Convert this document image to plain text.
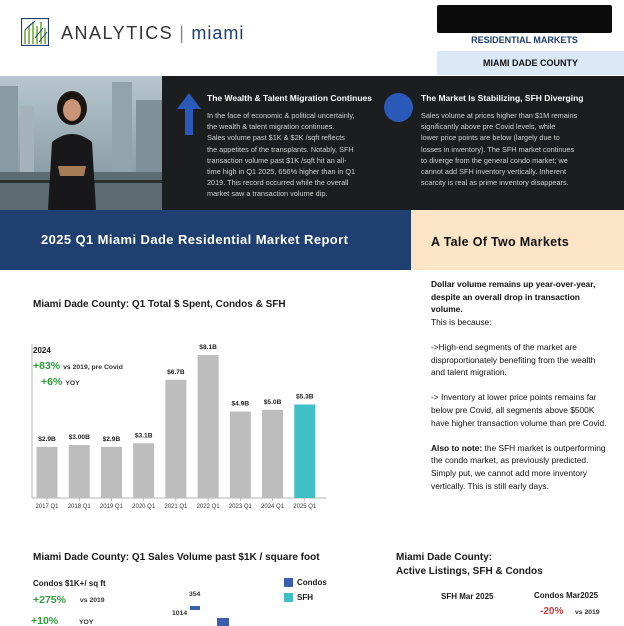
ANALYTICS | miami	RESIDENTIAL MARKETS
MIAMI DADE COUNTY
The Wealth & Talent Migration Continues
In the face of economic & political uncertainly,
the wealth & talent migration continues.
Sales volume past $1K & $2K /sqft reflects
the appetites of the transplants. Notably, SFH
transaction volume past $1K /sqft hit an all-
time high in Q1 2025, 656% higher than in Q1
2019. This record occurred while the overall
market saw a transaction volume dip.
The Market Is Stabilizing, SFH Diverging
Sales volume at prices higher than $1M remains
significantly above pre Covid levels, while
lower price points are below (largely due to
losses in inventory). The SFH market continues
to diverge from the general condo market; we
cannot add SFH inventory vertically. Inherent
scarcity is real as prime inventory disappears.
2025 Q1 Miami Dade Residential Market Report	A Tale Of Two Markets

Dollar volume remains up year-over-year, despite an overall drop in transaction volume.
This is because:

->High-end segments of the market are disproportionately benefiting from the wealth and talent migration.

-> Inventory at lower price points remains far below pre Covid, all segments above $500K have higher transaction volume than pre Covid.

Also to note: the SFH market is outperforming the condo market, as previously predicted. Simply put, we cannot add more inventory vertically. This is still early days.

Miami Dade County: Q1 Total $ Spent, Condos & SFH
$2.9B
2017 Q1
$3.00B
2018 Q1
$2.9B
2019 Q1
$3.1B
2020 Q1
$6.7B
2021 Q1
$8.1B
2022 Q1
$4.9B
2023 Q1
$5.0B
2024 Q1
$5.3B
2025 Q1
2024
+83% vs 2019, pre Covid
+6% YOY
Miami Dade County: Q1 Sales Volume past $1K / square foot
Condos
SFH
Condos $1K+/ sq ft
+275% vs 2019
+10%	YOY
354
1014
Miami Dade County:
Active Listings, SFH & Condos
SFH Mar 2025	Condos Mar2025
-20% vs 2019
